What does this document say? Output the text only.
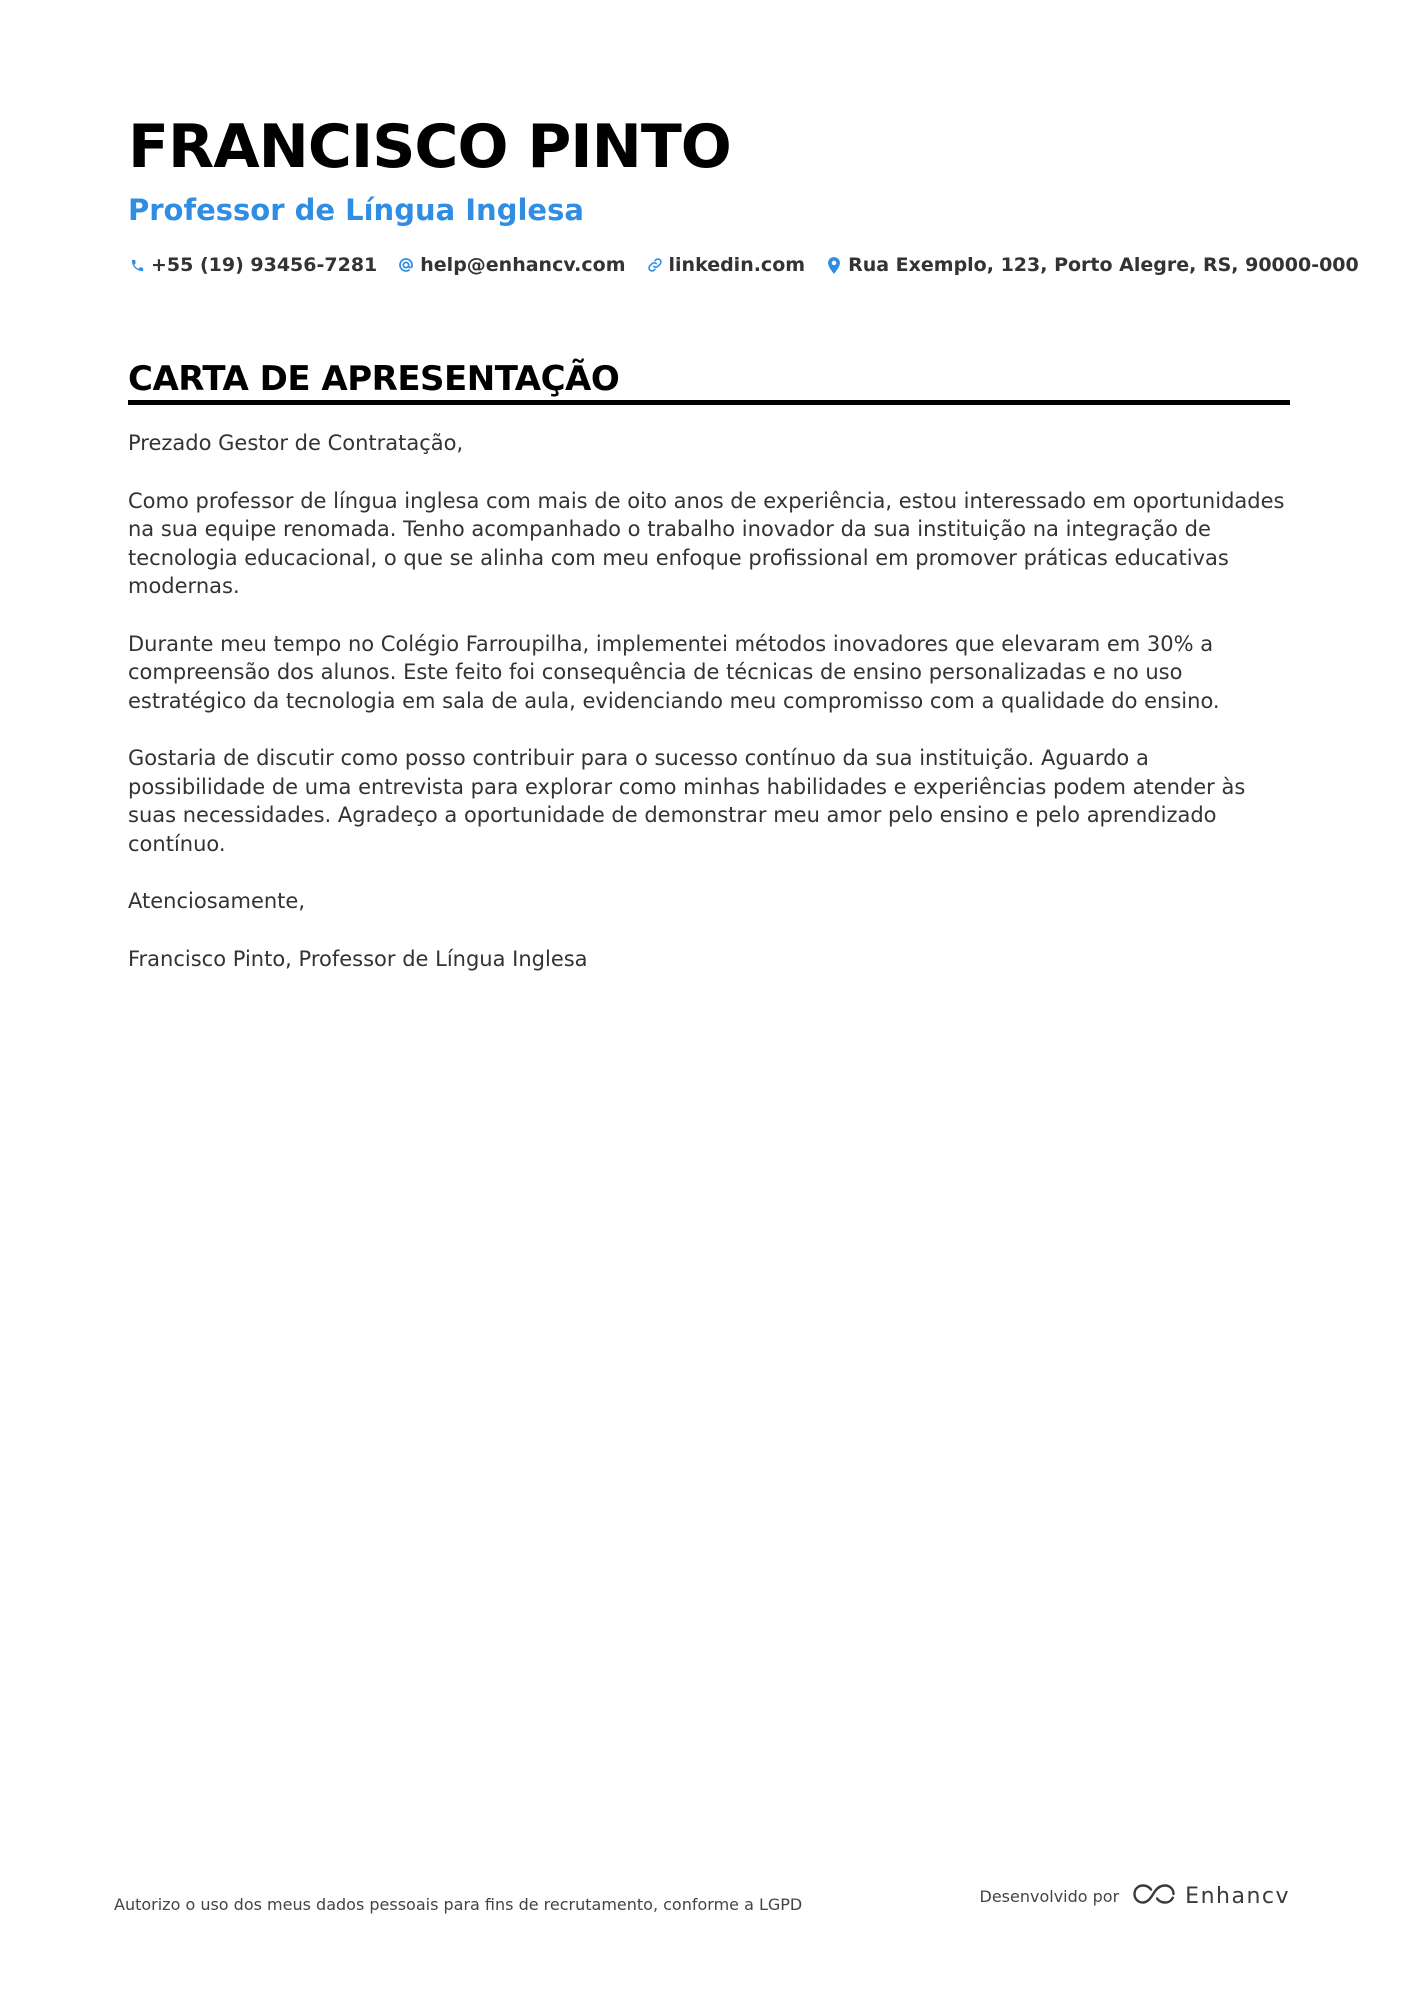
FRANCISCO PINTO
Professor de Língua Inglesa
+55 (19) 93456-7281 help@enhancv.com linkedin.com Rua Exemplo, 123, Porto Alegre, RS, 90000-000
CARTA DE APRESENTAÇÃO

Prezado Gestor de Contratação,

Como professor de língua inglesa com mais de oito anos de experiência, estou interessado em oportunidades na sua equipe renomada. Tenho acompanhado o trabalho inovador da sua instituição na integração de tecnologia educacional, o que se alinha com meu enfoque profissional em promover práticas educativas modernas.

Durante meu tempo no Colégio Farroupilha, implementei métodos inovadores que elevaram em 30% a compreensão dos alunos. Este feito foi consequência de técnicas de ensino personalizadas e no uso estratégico da tecnologia em sala de aula, evidenciando meu compromisso com a qualidade do ensino.

Gostaria de discutir como posso contribuir para o sucesso contínuo da sua instituição. Aguardo a possibilidade de uma entrevista para explorar como minhas habilidades e experiências podem atender às suas necessidades. Agradeço a oportunidade de demonstrar meu amor pelo ensino e pelo aprendizado contínuo.

Atenciosamente,

Francisco Pinto, Professor de Língua Inglesa

Autorizo o uso dos meus dados pessoais para fins de recrutamento, conforme a LGPD	Desenvolvido por	Enhancv
